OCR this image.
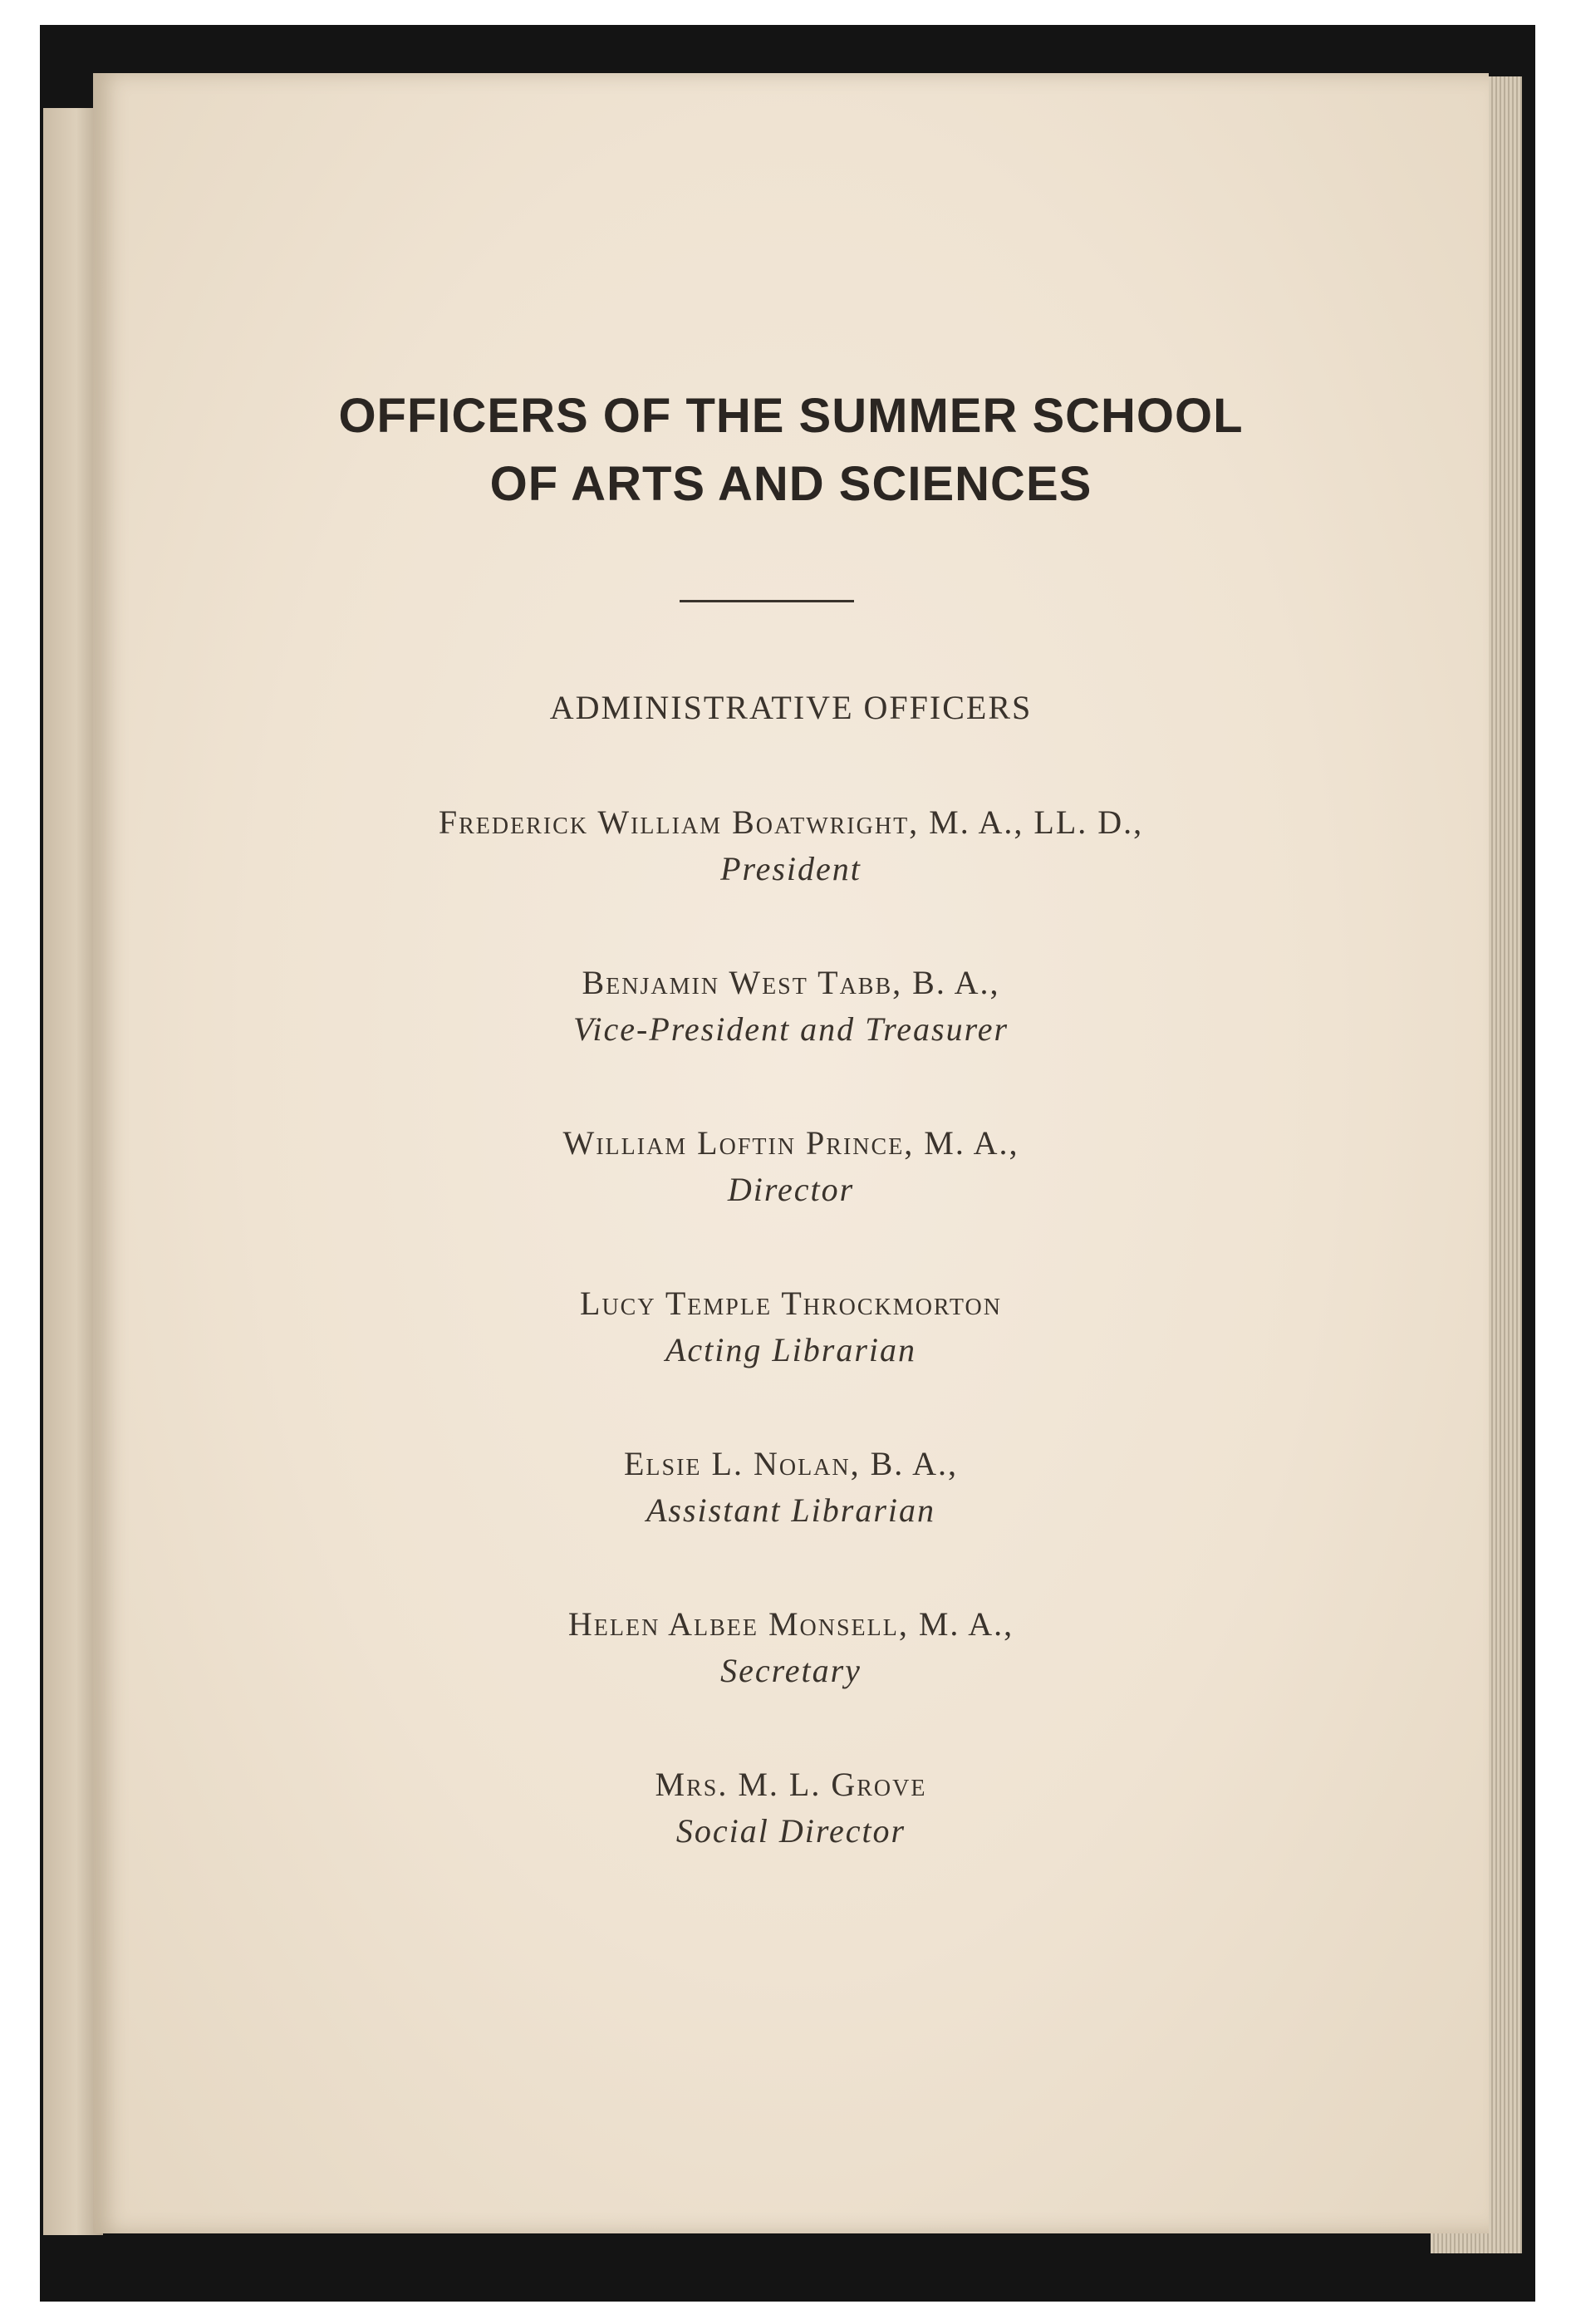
OFFICERS OF THE SUMMER SCHOOL
OF ARTS AND SCIENCES
ADMINISTRATIVE OFFICERS
Frederick William Boatwright, M. A., LL. D.,
President
Benjamin West Tabb, B. A.,
Vice-President and Treasurer
William Loftin Prince, M. A.,
Director
Lucy Temple Throckmorton
Acting Librarian
Elsie L. Nolan, B. A.,
Assistant Librarian
Helen Albee Monsell, M. A.,
Secretary
Mrs. M. L. Grove
Social Director
